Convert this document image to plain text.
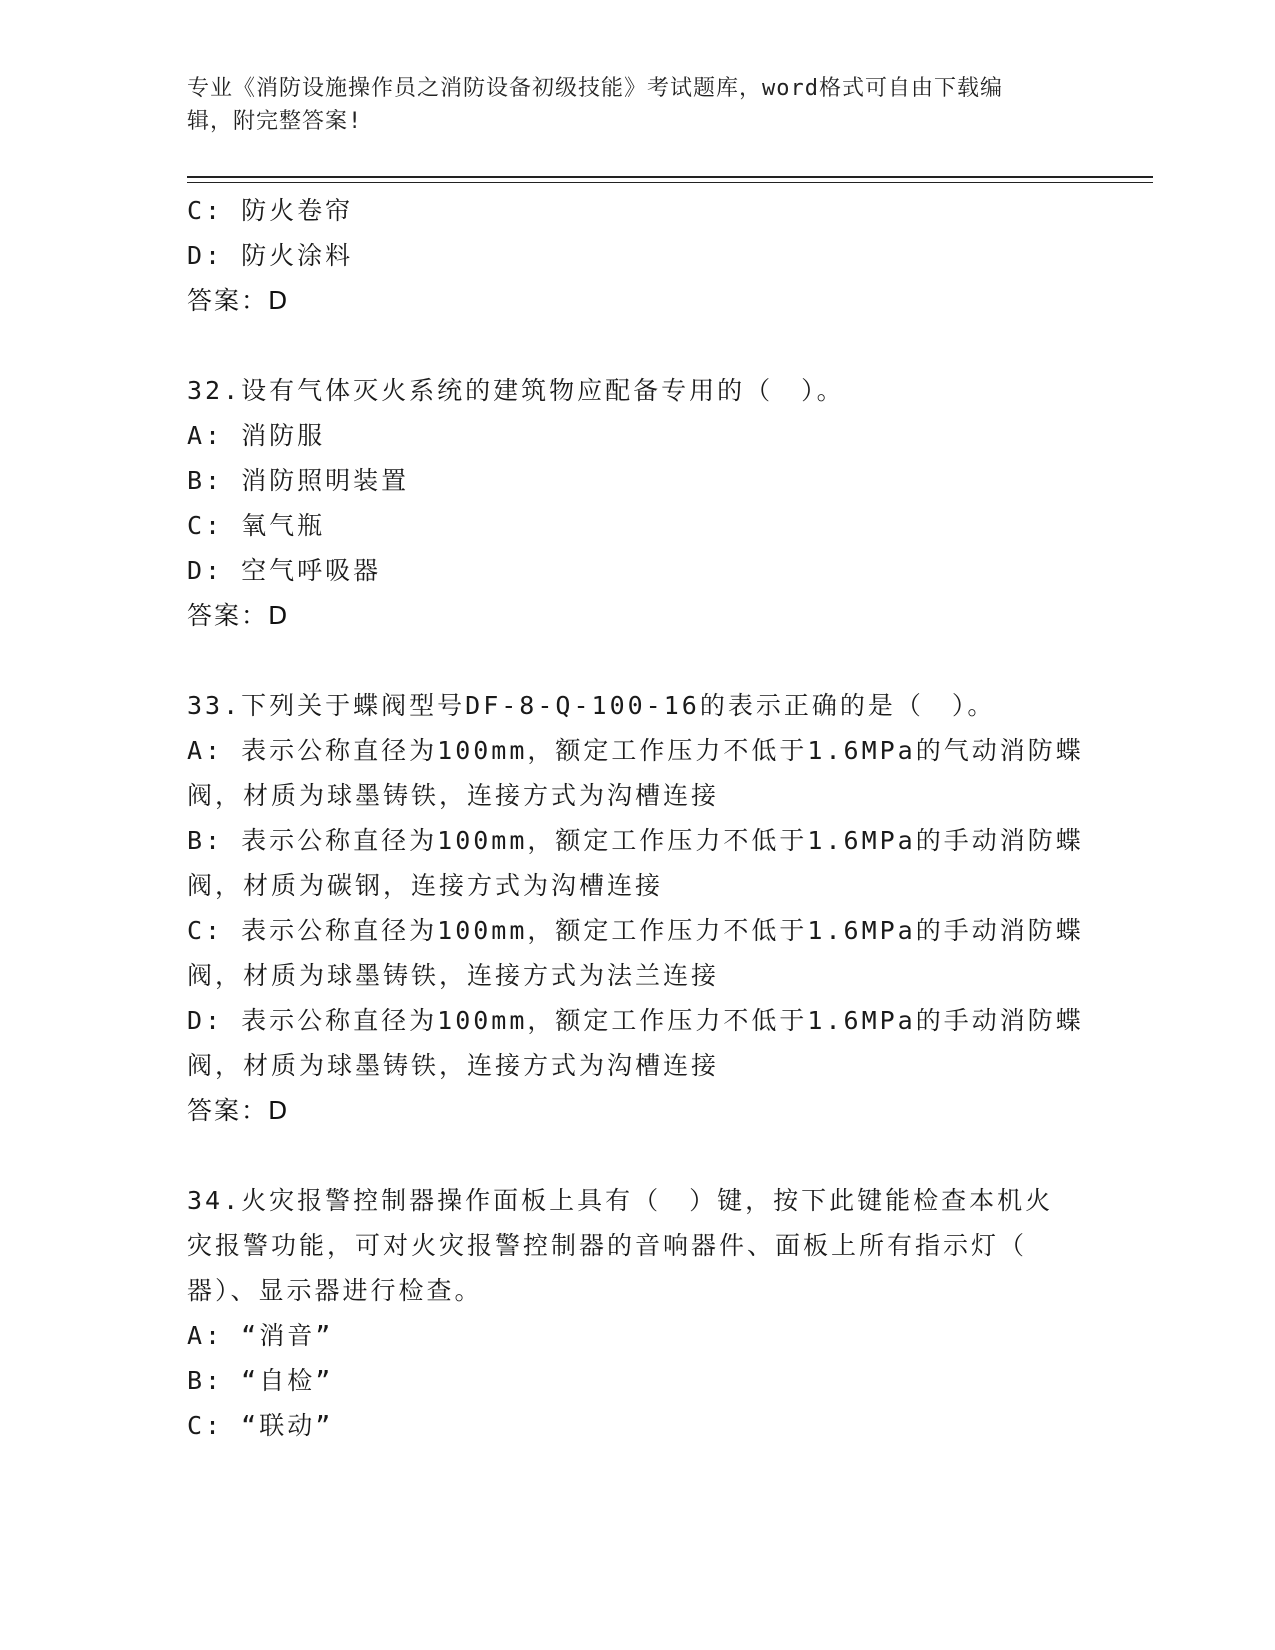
专业《消防设施操作员之消防设备初级技能》考试题库，word格式可自由下载编
辑，附完整答案!
C: 防火卷帘
D: 防火涂料
答案：D
32.设有气体灭火系统的建筑物应配备专用的（　）。
A: 消防服
B: 消防照明装置
C: 氧气瓶
D: 空气呼吸器
答案：D
33.下列关于蝶阀型号DF-8-Q-100-16的表示正确的是（　）。
A: 表示公称直径为100mm，额定工作压力不低于1.6MPa的气动消防蝶
阀，材质为球墨铸铁，连接方式为沟槽连接
B: 表示公称直径为100mm，额定工作压力不低于1.6MPa的手动消防蝶
阀，材质为碳钢，连接方式为沟槽连接
C: 表示公称直径为100mm，额定工作压力不低于1.6MPa的手动消防蝶
阀，材质为球墨铸铁，连接方式为法兰连接
D: 表示公称直径为100mm，额定工作压力不低于1.6MPa的手动消防蝶
阀，材质为球墨铸铁，连接方式为沟槽连接
答案：D
34.火灾报警控制器操作面板上具有（　）键，按下此键能检查本机火
灾报警功能，可对火灾报警控制器的音响器件、面板上所有指示灯（
器）、显示器进行检查。
A: “消音”
B: “自检”
C: “联动”
